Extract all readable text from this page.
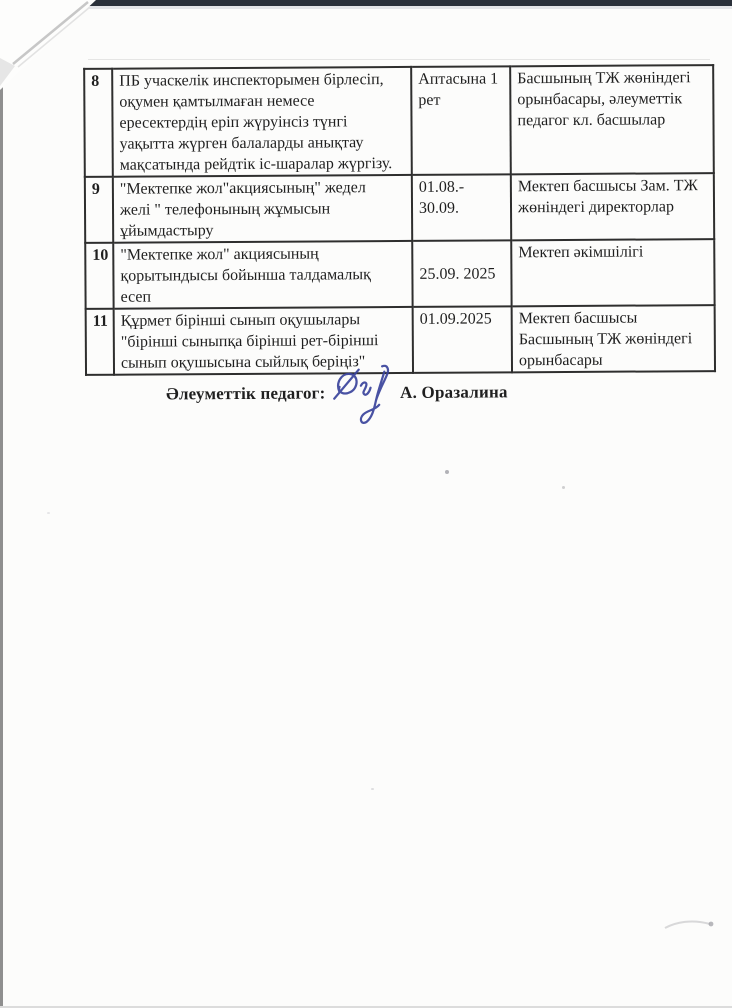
8	ПБ учаскелік инспекторымен бірлесіп,
оқумен қамтылмаған немесе
ересектердің еріп жүруінсіз түнгі
уақытта жүрген балаларды анықтау
мақсатында рейдтік іс-шаралар жүргізу.	Аптасына 1
рет	Басшының ТЖ жөніндегі
орынбасары, әлеуметтік
педагог кл. басшылар
9	"Мектепке жол"акциясының" жедел
желі " телефонының жұмысын
ұйымдастыру	01.08.-
30.09.	Мектеп басшысы Зам. ТЖ
жөніндегі директорлар
10	"Мектепке жол" акциясының
қорытындысы бойынша талдамалық
есеп	
25.09. 2025	Мектеп әкімшілігі
11	Құрмет бірінші сынып оқушылары
"бірінші сыныпқа бірінші рет-бірінші
сынып оқушысына сыйлық беріңіз"	01.09.2025	Мектеп басшысы
Басшының ТЖ жөніндегі
орынбасары
Әлеуметтік педагог:	А. Оразалина
